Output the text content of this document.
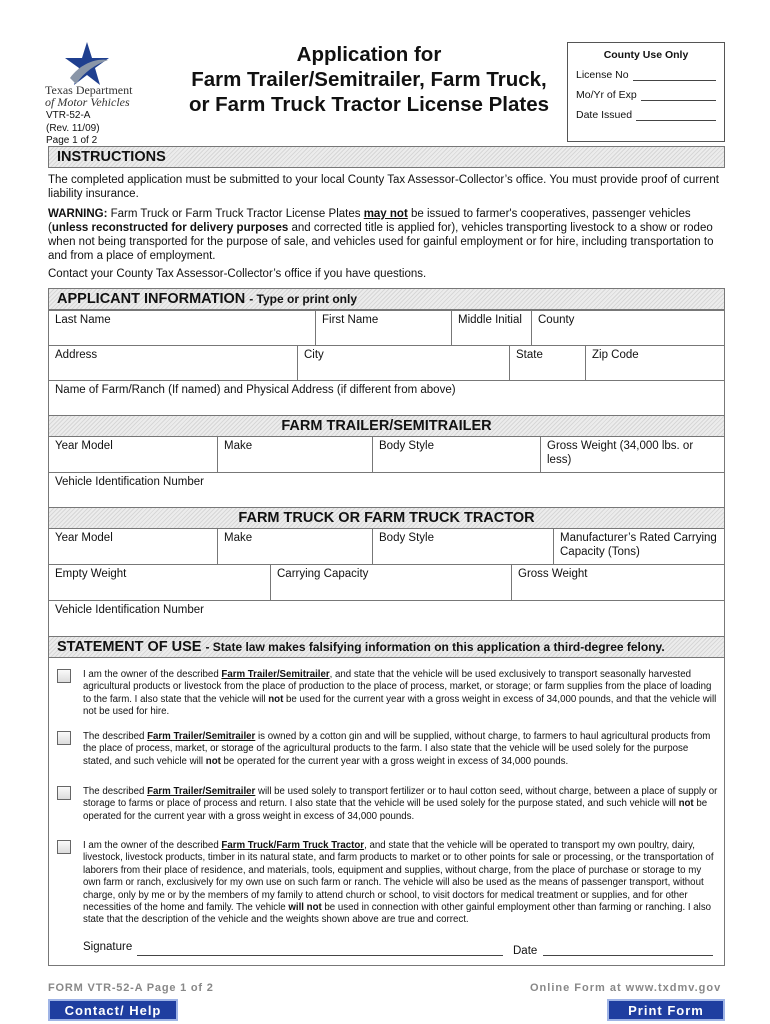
Texas Department
of Motor Vehicles
VTR-52-A
(Rev. 11/09)
Page 1 of 2
Application for
Farm Trailer/Semitrailer, Farm Truck,
or Farm Truck Tractor License Plates
County Use Only
License No
Mo/Yr of Exp
Date Issued
INSTRUCTIONS
The completed application must be submitted to your local County Tax Assessor-Collector’s office. You must provide proof of current liability insurance.
WARNING: Farm Truck or Farm Truck Tractor License Plates may not be issued to farmer's cooperatives, passenger vehicles (unless reconstructed for delivery purposes and corrected title is applied for), vehicles transporting livestock to a show or rodeo when not being transported for the purpose of sale, and vehicles used for gainful employment or for hire, including transportation to and from a place of employment.
Contact your County Tax Assessor-Collector’s office if you have questions.
APPLICANT INFORMATION - Type or print only
Last Name	First Name	Middle Initial	County
Address	City	State	Zip Code
Name of Farm/Ranch (If named) and Physical Address (if different from above)
FARM TRAILER/SEMITRAILER
Year Model	Make	Body Style	Gross Weight (34,000 lbs. or less)
Vehicle Identification Number
FARM TRUCK OR FARM TRUCK TRACTOR
Year Model	Make	Body Style	Manufacturer’s Rated Carrying Capacity (Tons)
Empty Weight	Carrying Capacity	Gross Weight
Vehicle Identification Number
STATEMENT OF USE - State law makes falsifying information on this application a third-degree felony.
I am the owner of the described Farm Trailer/Semitrailer, and state that the vehicle will be used exclusively to transport seasonally harvested agricultural products or livestock from the place of production to the place of process, market, or storage; or farm supplies from the place of loading to the farm. I also state that the vehicle will not be used for the current year with a gross weight in excess of 34,000 pounds, and that the vehicle will not be used for hire.
The described Farm Trailer/Semitrailer is owned by a cotton gin and will be supplied, without charge, to farmers to haul agricultural products from the place of process, market, or storage of the agricultural products to the farm. I also state that the vehicle will be used solely for the purpose stated, and such vehicle will not be operated for the current year with a gross weight in excess of 34,000 pounds.
The described Farm Trailer/Semitrailer will be used solely to transport fertilizer or to haul cotton seed, without charge, between a place of supply or storage to farms or place of process and return. I also state that the vehicle will be used solely for the purpose stated, and such vehicle will not be operated for the current year with a gross weight in excess of 34,000 pounds.
I am the owner of the described Farm Truck/Farm Truck Tractor, and state that the vehicle will be operated to transport my own poultry, dairy, livestock, livestock products, timber in its natural state, and farm products to market or to other points for sale or processing, or the transportation of laborers from their place of residence, and materials, tools, equipment and supplies, without charge, from the place of purchase or storage to my own farm or ranch, exclusively for my own use on such farm or ranch. The vehicle will also be used as the means of passenger transport, without charge, only by me or by the members of my family to attend church or school, to visit doctors for medical treatment or supplies, and for other necessities of the home and family. The vehicle will not be used in connection with other gainful employment other than farming or ranching. I also state that the description of the vehicle and the weights shown above are true and correct.
Signature	Date
FORM VTR-52-A Page 1 of 2	Online Form at www.txdmv.gov
Contact/ Help	Print Form
